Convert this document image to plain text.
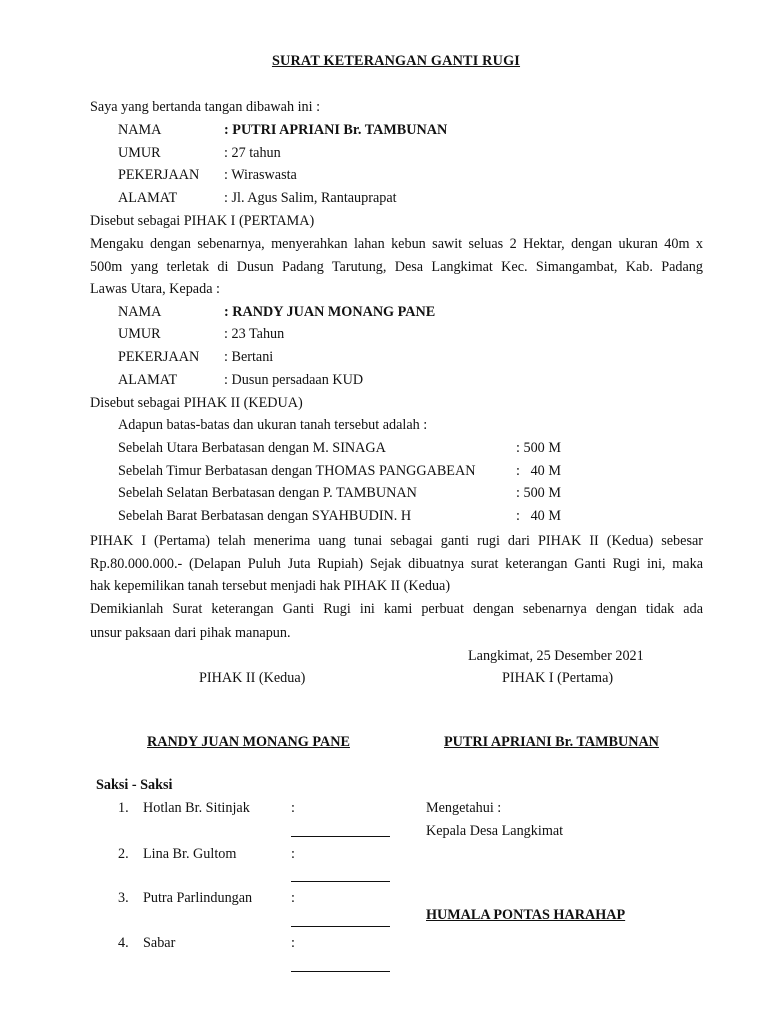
SURAT KETERANGAN GANTI RUGI
Saya yang bertanda tangan dibawah ini :
NAMA	: PUTRI APRIANI Br. TAMBUNAN
UMUR	: 27 tahun
PEKERJAAN : Wiraswasta
ALAMAT	: Jl. Agus Salim, Rantauprapat
Disebut sebagai PIHAK I (PERTAMA)
Mengaku dengan sebenarnya, menyerahkan lahan kebun sawit seluas 2 Hektar, dengan ukuran 40m x
500m yang terletak di Dusun Padang Tarutung, Desa Langkimat Kec. Simangambat, Kab. Padang
Lawas Utara, Kepada :
NAMA	: RANDY JUAN MONANG PANE
UMUR	: 23 Tahun
PEKERJAAN : Bertani
ALAMAT	: Dusun persadaan KUD
Disebut sebagai PIHAK II (KEDUA)
Adapun batas-batas dan ukuran tanah tersebut adalah :
Sebelah Utara Berbatasan dengan M. SINAGA	: 500 M
Sebelah Timur Berbatasan dengan THOMAS PANGGABEAN	:   40 M
Sebelah Selatan Berbatasan dengan P. TAMBUNAN	: 500 M
Sebelah Barat Berbatasan dengan SYAHBUDIN. H	:   40 M
PIHAK I (Pertama) telah menerima uang tunai sebagai ganti rugi dari PIHAK II (Kedua) sebesar
Rp.80.000.000.- (Delapan Puluh Juta Rupiah) Sejak dibuatnya surat keterangan Ganti Rugi ini, maka
hak kepemilikan tanah tersebut menjadi hak PIHAK II (Kedua)
Demikianlah Surat keterangan Ganti Rugi ini kami perbuat dengan sebenarnya dengan tidak ada
unsur paksaan dari pihak manapun.
Langkimat, 25 Desember 2021
PIHAK II (Kedua)	PIHAK I (Pertama)
RANDY JUAN MONANG PANE	PUTRI APRIANI Br. TAMBUNAN
Saksi - Saksi
1. Hotlan Br. Sitinjak	:
2. Lina Br. Gultom	:
3. Putra Parlindungan	:
4. Sabar	:
Mengetahui :
Kepala Desa Langkimat
HUMALA PONTAS HARAHAP
